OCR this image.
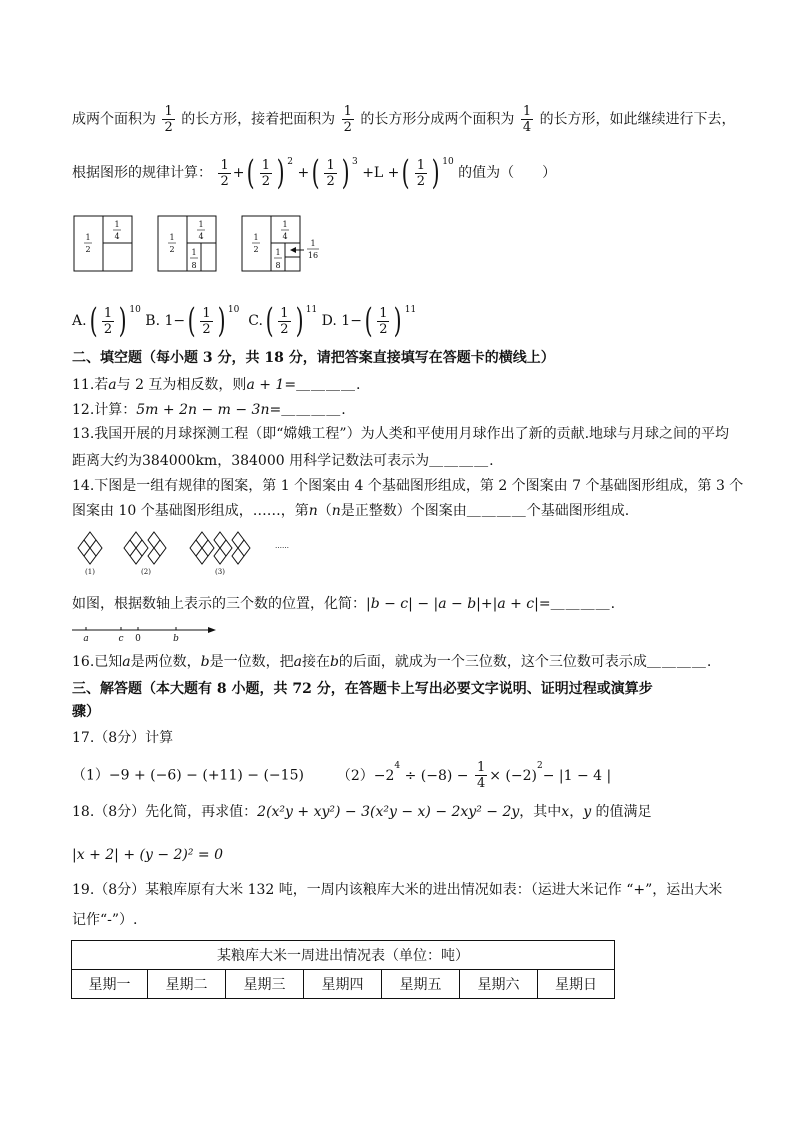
成两个面积为 $\frac{1}{2}$ 的长方形，接着把面积为 $\frac{1}{2}$ 的长方形分成两个面积为 $\frac{1}{4}$ 的长方形，如此继续进行下去，
根据图形的规律计算： $\frac{1}{2}$ +( $\frac{1}{2}$ ) $^2$ +( $\frac{1}{2}$ ) $^3$ +L +( $\frac{1}{2}$ ) $^{10}$ 的值为（　　）
1
2
1
4	1
2
1
4
1
8
1
2
1
4
1
8
1
16
$A.( \frac{1}{2}$ ) $^{10}$ B. $1-( \frac{1}{2}$ ) $^{10}$  $C.( \frac{1}{2}$ ) $^{11}$ D. $1-( \frac{1}{2}$ ) $^{11}$
二、填空题（每小题 3 分，共 18 分，请把答案直接填写在答题卡的横线上）
11.若a与 2 互为相反数，则a + 1=＿＿＿＿.
12.计算：5m + 2n − m − 3n=＿＿＿＿.
13.我国开展的月球探测工程（即“嫦娥工程”）为人类和平使用月球作出了新的贡献.地球与月球之间的平均
距离大约为384000km，384000 用科学记数法可表示为＿＿＿＿.
14.下图是一组有规律的图案，第 1 个图案由 4 个基础图形组成，第 2 个图案由 7 个基础图形组成，第 3 个
图案由 10 个基础图形组成，……，第n（n是正整数）个图案由＿＿＿＿个基础图形组成.
(1)	(2)	(3)
……
如图，根据数轴上表示的三个数的位置，化简：|b − c| − |a − b|+|a + c|=＿＿＿＿.
a	c 0	b
16.已知a是两位数，b是一位数，把a接在b的后面，就成为一个三位数，这个三位数可表示成＿＿＿＿.
三、解答题（本大题有 8 小题，共 72 分，在答题卡上写出必要文字说明、证明过程或演算步
骤）
17.（8分）计算
（1）−9 + (−6) − (+11) − (−15) $(2)-2^4 \div (-8) - \frac{1}{4} \times (-2)^2- |1 - 4$ |
18.（8分）先化简，再求值：2(x²y + xy²) − 3(x²y − x) − 2xy² − 2y，其中x，y 的值满足
|x + 2| + (y − 2)² = 0
19.（8分）某粮库原有大米 132 吨，一周内该粮库大米的进出情况如表：（运进大米记作 “+”，运出大米
记作“-”）.
某粮库大米一周进出情况表（单位：吨）
星期一	星期二	星期三	星期四	星期五	星期六	星期日
